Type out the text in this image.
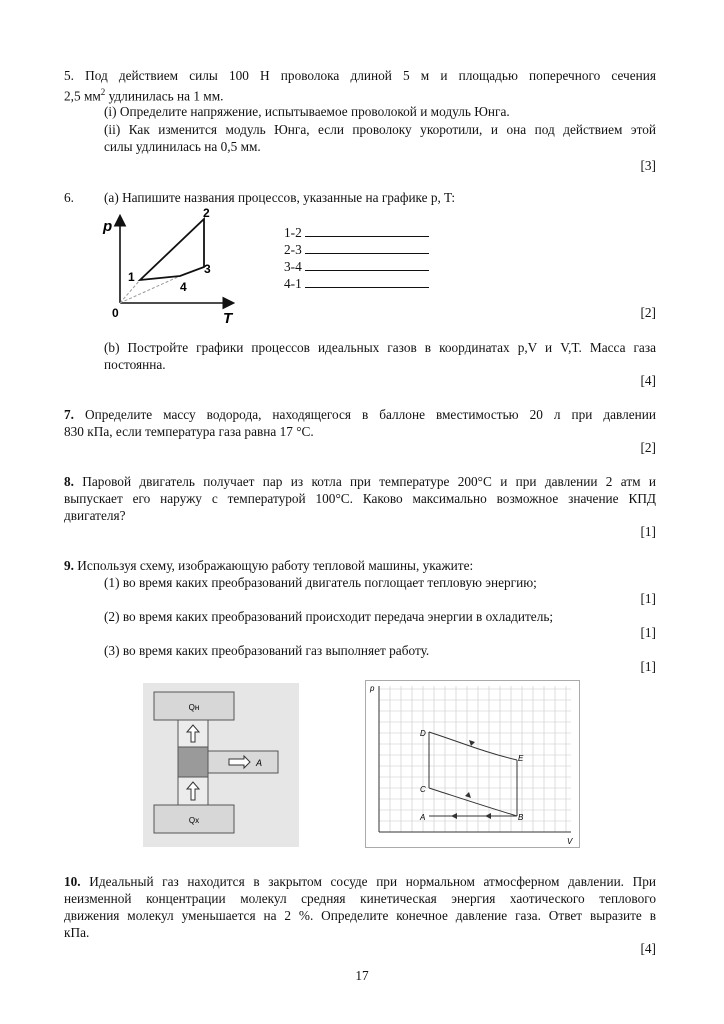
5. Под действием силы 100 Н проволока длиной 5 м и площадью поперечного сечения
2,5 $мм^2$ удлинилась на 1 мм.
(i) Определите напряжение, испытываемое проволокой и модуль Юнга.
(ii) Как изменится модуль Юнга, если проволоку укоротили, и она под действием этой
силы удлинилась на 0,5 мм.
[3]
6. (a) Напишите названия процессов, указанные на графике p, T:
p
T
0
1
2
3
4
1-2
2-3
3-4
4-1
[2]
(b) Постройте графики процессов идеальных газов в координатах p,V и V,T. Масса газа
постоянна.
[4]
7. Определите массу водорода, находящегося в баллоне вместимостью 20 л при давлении
830 кПа, если температура газа равна 17 °С.
[2]
8. Паровой двигатель получает пар из котла при температуре 200°С и при давлении 2 атм и
выпускает его наружу с температурой 100°С. Каково максимально возможное значение КПД
двигателя?
[1]
9. Используя схему, изображающую работу тепловой машины, укажите:
(1) во время каких преобразований двигатель поглощает тепловую энергию;
[1]
(2) во время каких преобразований происходит передача энергии в охладитель;
[1]
(3) во время каких преобразований газ выполняет работу.
[1]
Qн
A
Qх
p
V
D
E
C
A	B
10. Идеальный газ находится в закрытом сосуде при нормальном атмосферном давлении. При
неизменной концентрации молекул средняя кинетическая энергия хаотического теплового
движения молекул уменьшается на 2 %. Определите конечное давление газа. Ответ выразите в
кПа.
[4]
17
